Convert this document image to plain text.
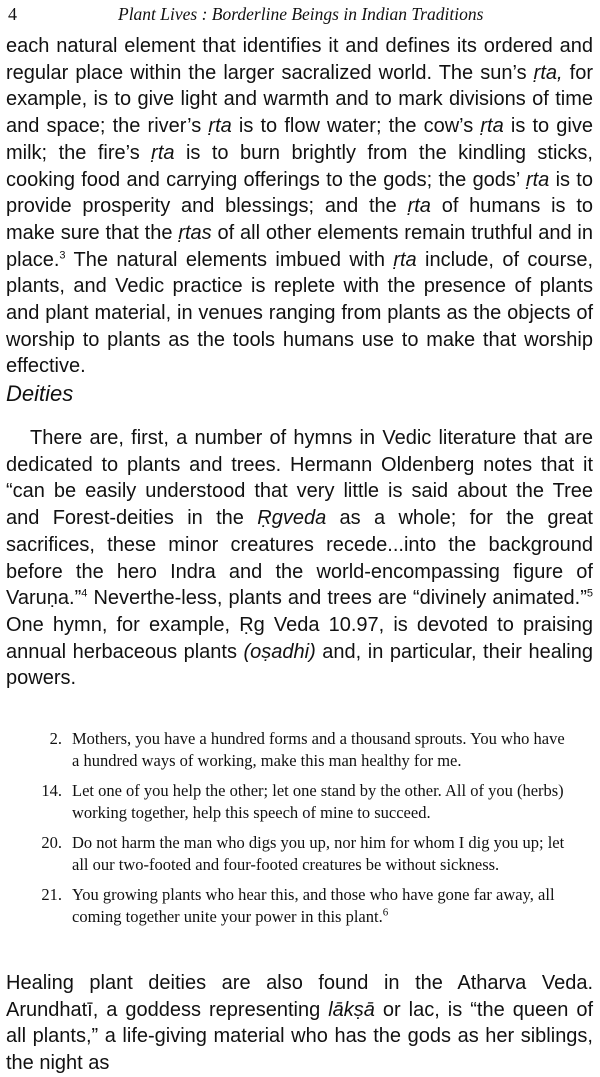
4	Plant Lives : Borderline Beings in Indian Traditions
each natural element that identifies it and defines its ordered and regular place within the larger sacralized world. The sun’s ṛta, for example, is to give light and warmth and to mark divisions of time and space; the river’s ṛta is to flow water; the cow’s ṛta is to give milk; the fire’s ṛta is to burn brightly from the kindling sticks, cooking food and carrying offerings to the gods; the gods’ ṛta is to provide prosperity and blessings; and the ṛta of humans is to make sure that the ṛtas of all other elements remain truthful and in place.$^3$ The natural elements imbued with ṛta include, of course, plants, and Vedic practice is replete with the presence of plants and plant material, in venues ranging from plants as the objects of worship to plants as the tools humans use to make that worship effective.
Deities
There are, first, a number of hymns in Vedic literature that are dedicated to plants and trees. Hermann Oldenberg notes that it “can be easily understood that very little is said about the Tree and Forest-deities in the Ṛgveda as a whole; for the great sacrifices, these minor creatures recede...into the background before the hero Indra and the world-encompassing figure of Varuṇa.”$^4$ Neverthe-less, plants and trees are “divinely animated.”$^5$ One hymn, for example, Ṛg Veda 10.97, is devoted to praising annual herbaceous plants (oṣadhi) and, in particular, their healing powers.
2. Mothers, you have a hundred forms and a thousand sprouts. You who have a hundred ways of working, make this man healthy for me.
14. Let one of you help the other; let one stand by the other. All of you (herbs) working together, help this speech of mine to succeed.
20. Do not harm the man who digs you up, nor him for whom I dig you up; let all our two-footed and four-footed creatures be without sickness.
21. You growing plants who hear this, and those who have gone far away, all coming together unite your power in this plant.$^6$
Healing plant deities are also found in the Atharva Veda. Arundhatī, a goddess representing lākṣā or lac, is “the queen of all plants,” a life-giving material who has the gods as her siblings, the night as
